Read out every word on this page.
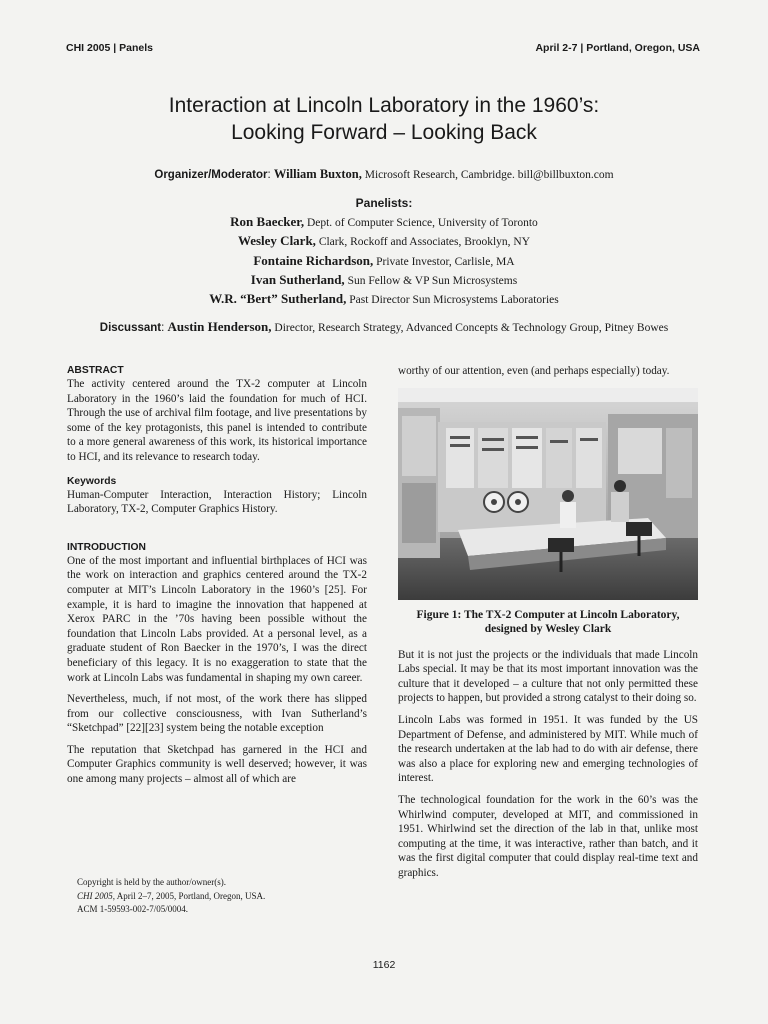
CHI 2005 | Panels	April 2-7 | Portland, Oregon, USA
Interaction at Lincoln Laboratory in the 1960’s:
Looking Forward – Looking Back
Organizer/Moderator: William Buxton, Microsoft Research, Cambridge. bill@billbuxton.com
Panelists:
Ron Baecker, Dept. of Computer Science, University of Toronto
Wesley Clark, Clark, Rockoff and Associates, Brooklyn, NY
Fontaine Richardson, Private Investor, Carlisle, MA
Ivan Sutherland, Sun Fellow & VP Sun Microsystems
W.R. “Bert” Sutherland, Past Director Sun Microsystems Laboratories
Discussant: Austin Henderson, Director, Research Strategy, Advanced Concepts & Technology Group, Pitney Bowes
ABSTRACT

The activity centered around the TX-2 computer at Lincoln Laboratory in the 1960’s laid the foundation for much of HCI. Through the use of archival film footage, and live presentations by some of the key protagonists, this panel is intended to contribute to a more general awareness of this work, its historical importance to HCI, and its relevance to research today.

Keywords

Human-Computer Interaction, Interaction History; Lincoln Laboratory, TX-2, Computer Graphics History.

INTRODUCTION

One of the most important and influential birthplaces of HCI was the work on interaction and graphics centered around the TX-2 computer at MIT’s Lincoln Laboratory in the 1960’s [25]. For example, it is hard to imagine the innovation that happened at Xerox PARC in the ’70s having been possible without the foundation that Lincoln Labs provided. At a personal level, as a graduate student of Ron Baecker in the 1970’s, I was the direct beneficiary of this legacy. It is no exaggeration to state that the work at Lincoln Labs was fundamental in shaping my own career.

Nevertheless, much, if not most, of the work there has slipped from our collective consciousness, with Ivan Sutherland’s “Sketchpad” [22][23] system being the notable exception

The reputation that Sketchpad has garnered in the HCI and Computer Graphics community is well deserved; however, it was one among many projects – almost all of which are

worthy of our attention, even (and perhaps especially) today.

Figure 1: The TX-2 Computer at Lincoln Laboratory, designed by Wesley Clark

But it is not just the projects or the individuals that made Lincoln Labs special. It may be that its most important innovation was the culture that it developed – a culture that not only permitted these projects to happen, but provided a strong catalyst to their doing so.

Lincoln Labs was formed in 1951. It was funded by the US Department of Defense, and administered by MIT. While much of the research undertaken at the lab had to do with air defense, there was also a place for exploring new and emerging technologies of interest.

The technological foundation for the work in the 60’s was the Whirlwind computer, developed at MIT, and commissioned in 1951. Whirlwind set the direction of the lab in that, unlike most computing at the time, it was interactive, rather than batch, and it was the first digital computer that could display real-time text and graphics.

Copyright is held by the author/owner(s).
CHI 2005, April 2–7, 2005, Portland, Oregon, USA.
ACM 1-59593-002-7/05/0004.
1162
